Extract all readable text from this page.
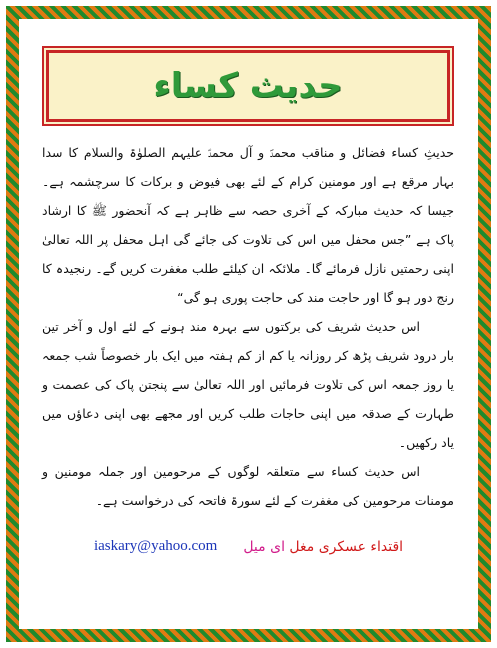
حدیث کساء

حدیثِ کساء فضائل و مناقب محمدؐ و آل محمدؑ علیہم الصلوٰۃ والسلام کا سدا بہار مرقع ہے اور مومنین کرام کے لئے بھی فیوض و برکات کا سرچشمہ ہے۔ جیسا کہ حدیث مبارکہ کے آخری حصہ سے ظاہر ہے کہ آنحضور ﷺ کا ارشاد پاک ہے ”جس محفل میں اس کی تلاوت کی جائے گی اہل محفل پر اللہ تعالیٰ اپنی رحمتیں نازل فرمائے گا۔ ملائکہ ان کیلئے طلب مغفرت کریں گے۔ رنجیدہ کا رنج دور ہو گا اور حاجت مند کی حاجت پوری ہو گی“

اس حدیث شریف کی برکتوں سے بہرہ مند ہونے کے لئے اول و آخر تین بار درود شریف پڑھ کر روزانہ یا کم از کم ہفتہ میں ایک بار خصوصاً شب جمعہ یا روز جمعہ اس کی تلاوت فرمائیں اور اللہ تعالیٰ سے پنجتن پاک کی عصمت و طہارت کے صدقہ میں اپنی حاجات طلب کریں اور مجھے بھی اپنی دعاؤں میں یاد رکھیں۔

اس حدیث کساء سے متعلقہ لوگوں کے مرحومین اور جملہ مومنین و مومنات مرحومین کی مغفرت کے لئے سورۃ فاتحہ کی درخواست ہے۔

iaskary@yahoo.com	اقتداء عسکری مغل ای میل
